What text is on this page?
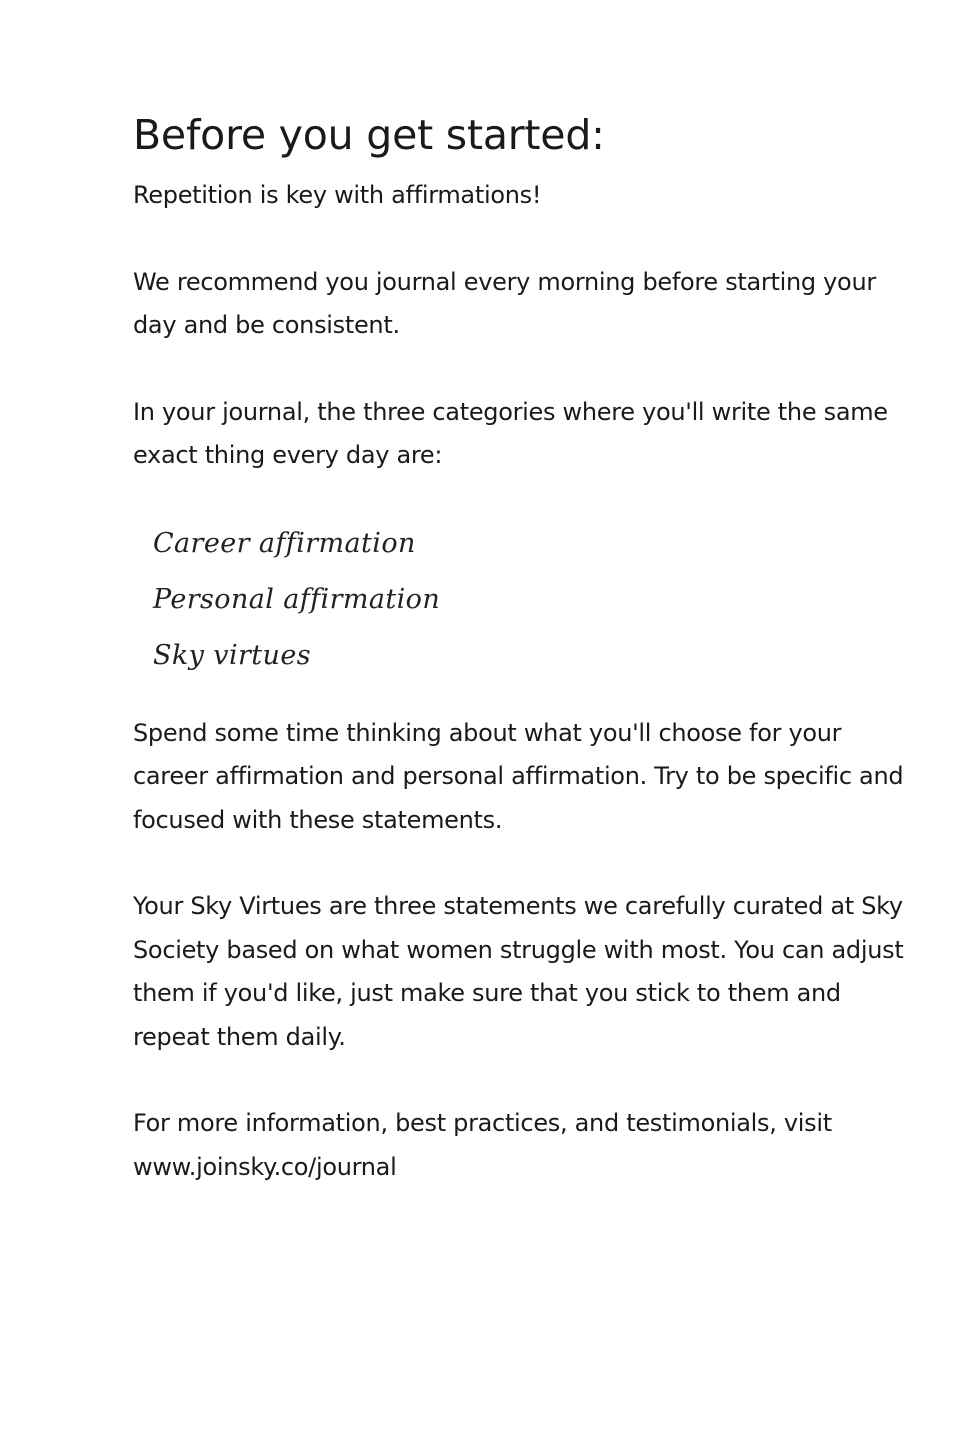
Before you get started:

Repetition is key with affirmations!

We recommend you journal every morning before starting your day and be consistent.

In your journal, the three categories where you'll write the same exact thing every day are:

Career affirmation
Personal affirmation
Sky virtues

Spend some time thinking about what you'll choose for your career affirmation and personal affirmation. Try to be specific and focused with these statements.

Your Sky Virtues are three statements we carefully curated at Sky Society based on what women struggle with most. You can adjust them if you'd like, just make sure that you stick to them and repeat them daily.

For more information, best practices, and testimonials, visit www.joinsky.co/journal
